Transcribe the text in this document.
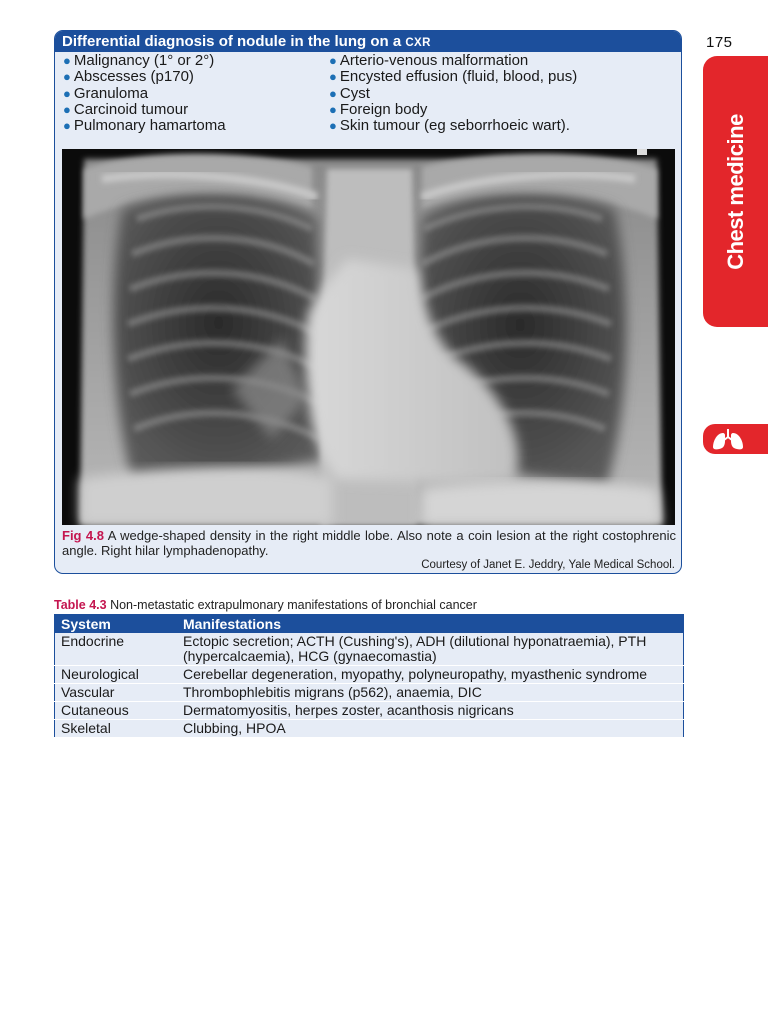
175
Chest medicine
Differential diagnosis of nodule in the lung on a CXR
● Malignancy (1° or 2°)
● Abscesses (p170)
● Granuloma
● Carcinoid tumour
● Pulmonary hamartoma
● Arterio-venous malformation
● Encysted effusion (fluid, blood, pus)
● Cyst
● Foreign body
● Skin tumour (eg seborrhoeic wart).
Fig 4.8 A wedge-shaped density in the right middle lobe. Also note a coin lesion at the right costophrenic angle. Right hilar lymphadenopathy.
Courtesy of Janet E. Jeddry, Yale Medical School.
Table 4.3 Non-metastatic extrapulmonary manifestations of bronchial cancer
System	Manifestations
Endocrine	Ectopic secretion; ACTH (Cushing's), ADH (dilutional hyponatraemia), PTH (hypercalcaemia), HCG (gynaecomastia)
Neurological	Cerebellar degeneration, myopathy, polyneuropathy, myasthenic syndrome
Vascular	Thrombophlebitis migrans (p562), anaemia, DIC
Cutaneous	Dermatomyositis, herpes zoster, acanthosis nigricans
Skeletal	Clubbing, HPOA
